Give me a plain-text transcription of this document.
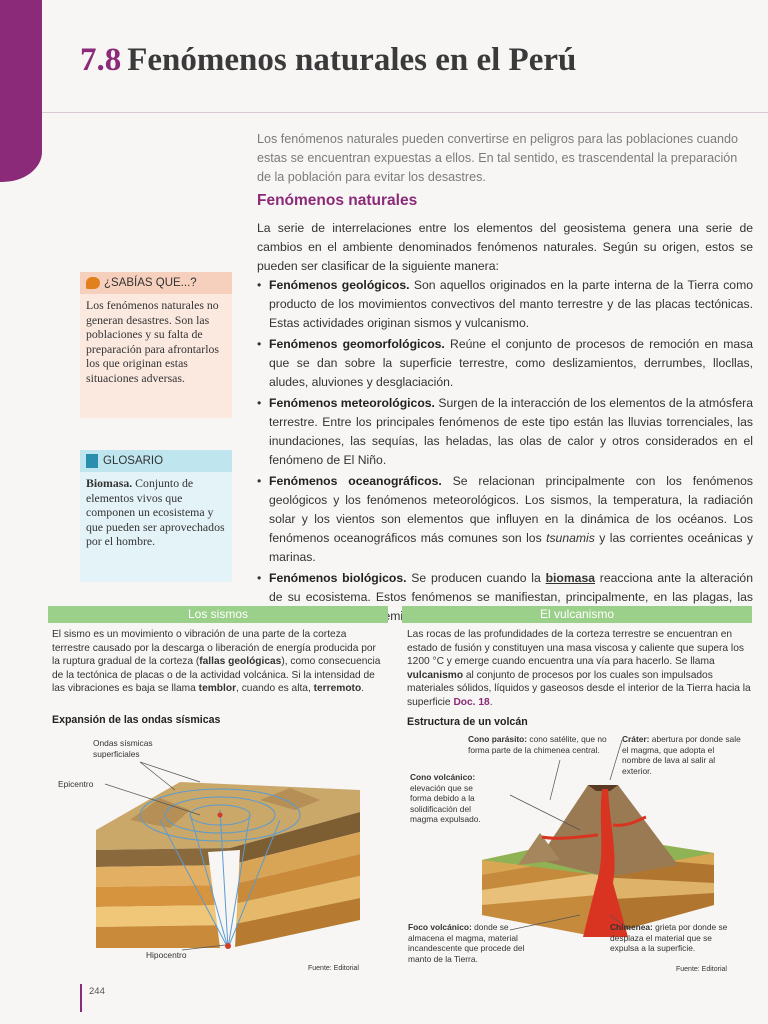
7.8 Fenómenos naturales en el Perú

Los fenómenos naturales pueden convertirse en peligros para las poblaciones cuando estas se encuentran expuestas a ellos. En tal sentido, es trascendental la preparación de la población para evitar los desastres.

Fenómenos naturales

La serie de interrelaciones entre los elementos del geosistema genera una serie de cambios en el ambiente denominados fenómenos naturales. Según su origen, estos se pueden ser clasificar de la siguiente manera:

• Fenómenos geológicos. Son aquellos originados en la parte interna de la Tierra como producto de los movimientos convectivos del manto terrestre y de las placas tectónicas. Estas actividades originan sismos y vulcanismo.
• Fenómenos geomorfológicos. Reúne el conjunto de procesos de remoción en masa que se dan sobre la superficie terrestre, como deslizamientos, derrumbes, llocllas, aludes, aluviones y desglaciación.
• Fenómenos meteorológicos. Surgen de la interacción de los elementos de la atmósfera terrestre. Entre los principales fenómenos de este tipo están las lluvias torrenciales, las inundaciones, las sequías, las heladas, las olas de calor y otros considerados en el fenómeno de El Niño.
• Fenómenos oceanográficos. Se relacionan principalmente con los fenómenos geológicos y los fenómenos meteorológicos. Los sismos, la temperatura, la radiación solar y los vientos son elementos que influyen en la dinámica de los océanos. Los fenómenos oceanográficos más comunes son los tsunamis y las corrientes oceánicas y marinas.
• Fenómenos biológicos. Se producen cuando la biomasa reacciona ante la alteración de su ecosistema. Estos fenómenos se manifiestan, principalmente, en las plagas, las
¿SABÍAS QUE...?
Los fenómenos naturales no generan desastres. Son las poblaciones y su falta de preparación para afrontarlos los que originan estas situaciones adversas.
GLOSARIO
Biomasa. Conjunto de elementos vivos que componen un ecosistema y que pueden ser aprovechados por el hombre.
Los sismos

El sismo es un movimiento o vibración de una parte de la corteza terrestre causado por la descarga o liberación de energía producida por la ruptura gradual de la corteza (fallas geológicas), como consecuencia de la tectónica de placas o de la actividad volcánica. Si la intensidad de las vibraciones es baja se llama temblor, cuando es alta, terremoto.

Expansión de las ondas sísmicas
Ondas sísmicas superficiales
Epicentro
Hipocentro
Fuente: Editorial
El vulcanismo

Las rocas de las profundidades de la corteza terrestre se encuentran en estado de fusión y constituyen una masa viscosa y caliente que supera los 1200 °C y emerge cuando encuentra una vía para hacerlo. Se llama vulcanismo al conjunto de procesos por los cuales son impulsados materiales sólidos, líquidos y gaseosos desde el interior de la Tierra hacia la superficie Doc. 18.

Estructura de un volcán
Cono parásito: cono satélite, que no forma parte de la chimenea central.
Cráter: abertura por donde sale el magma, que adopta el nombre de lava al salir al exterior.
Cono volcánico: elevación que se forma debido a la solidificación del magma expulsado.
Foco volcánico: donde se almacena el magma, material incandescente que procede del manto de la Tierra.
Chimenea: grieta por donde se desplaza el material que se expulsa a la superficie.
Fuente: Editorial
244
